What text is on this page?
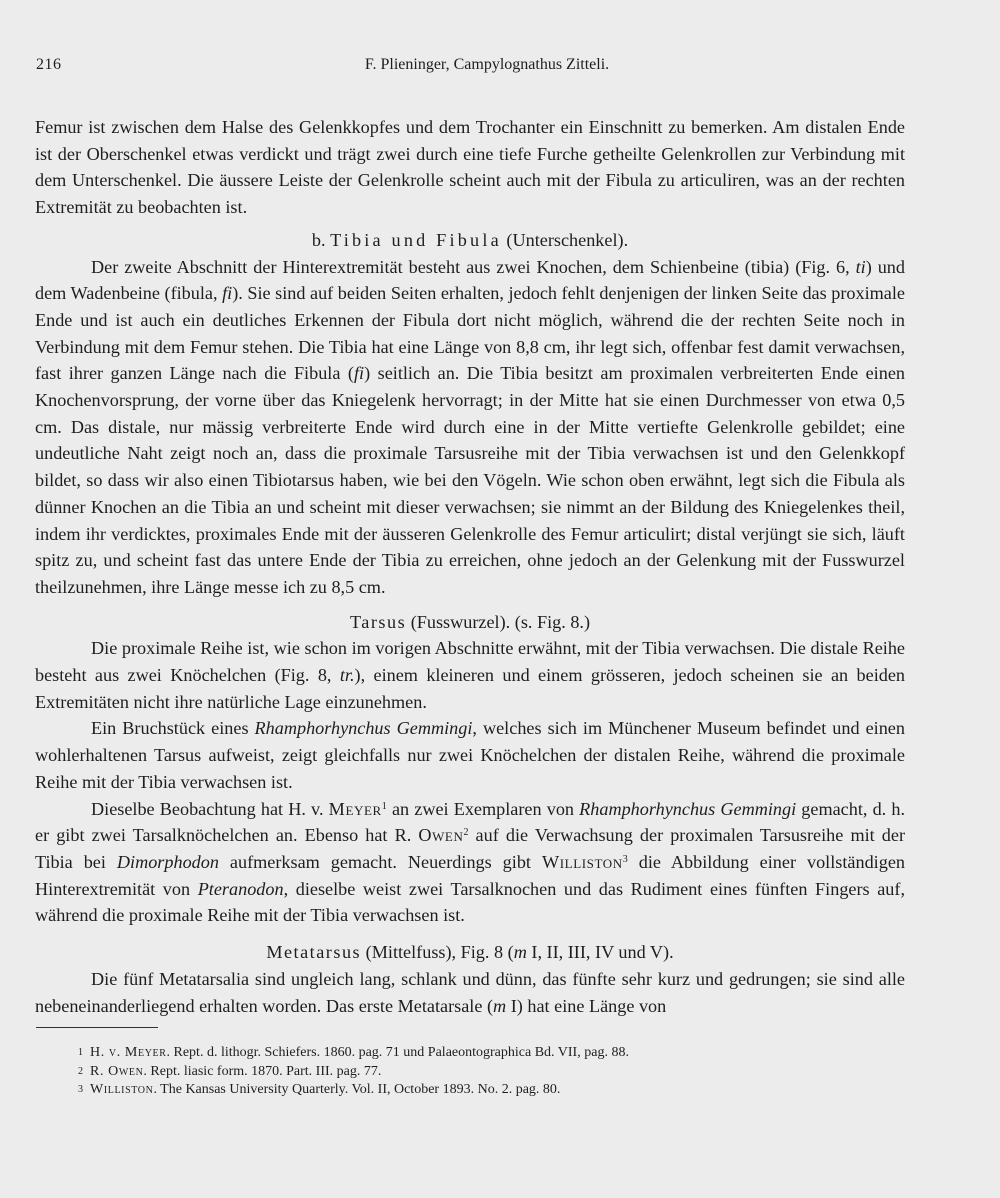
216	F. Plieninger, Campylognathus Zitteli.

Femur ist zwischen dem Halse des Gelenkkopfes und dem Trochanter ein Einschnitt zu bemerken. Am distalen Ende ist der Oberschenkel etwas verdickt und trägt zwei durch eine tiefe Furche getheilte Gelenkrollen zur Verbindung mit dem Unterschenkel. Die äussere Leiste der Gelenkrolle scheint auch mit der Fibula zu articuliren, was an der rechten Extremität zu beobachten ist.

b. Tibia und Fibula (Unterschenkel).

Der zweite Abschnitt der Hinterextremität besteht aus zwei Knochen, dem Schienbeine (tibia) (Fig. 6, ti) und dem Wadenbeine (fibula, fi). Sie sind auf beiden Seiten erhalten, jedoch fehlt denjenigen der linken Seite das proximale Ende und ist auch ein deutliches Erkennen der Fibula dort nicht möglich, während die der rechten Seite noch in Verbindung mit dem Femur stehen. Die Tibia hat eine Länge von 8,8 cm, ihr legt sich, offenbar fest damit verwachsen, fast ihrer ganzen Länge nach die Fibula (fi) seitlich an. Die Tibia besitzt am proximalen verbreiterten Ende einen Knochenvorsprung, der vorne über das Kniegelenk hervorragt; in der Mitte hat sie einen Durchmesser von etwa 0,5 cm. Das distale, nur mässig verbreiterte Ende wird durch eine in der Mitte vertiefte Gelenkrolle gebildet; eine undeutliche Naht zeigt noch an, dass die proximale Tarsusreihe mit der Tibia verwachsen ist und den Gelenkkopf bildet, so dass wir also einen Tibiotarsus haben, wie bei den Vögeln. Wie schon oben erwähnt, legt sich die Fibula als dünner Knochen an die Tibia an und scheint mit dieser verwachsen; sie nimmt an der Bildung des Kniegelenkes theil, indem ihr verdicktes, proximales Ende mit der äusseren Gelenkrolle des Femur articulirt; distal verjüngt sie sich, läuft spitz zu, und scheint fast das untere Ende der Tibia zu erreichen, ohne jedoch an der Gelenkung mit der Fusswurzel theilzunehmen, ihre Länge messe ich zu 8,5 cm.

Tarsus (Fusswurzel). (s. Fig. 8.)

Die proximale Reihe ist, wie schon im vorigen Abschnitte erwähnt, mit der Tibia verwachsen. Die distale Reihe besteht aus zwei Knöchelchen (Fig. 8, tr.), einem kleineren und einem grösseren, jedoch scheinen sie an beiden Extremitäten nicht ihre natürliche Lage einzunehmen.

Ein Bruchstück eines Rhamphorhynchus Gemmingi, welches sich im Münchener Museum befindet und einen wohlerhaltenen Tarsus aufweist, zeigt gleichfalls nur zwei Knöchelchen der distalen Reihe, während die proximale Reihe mit der Tibia verwachsen ist.

Dieselbe Beobachtung hat H. v. Meyer$^1$ an zwei Exemplaren von Rhamphorhynchus Gemmingi gemacht, d. h. er gibt zwei Tarsalknöchelchen an. Ebenso hat R. Owen$^2$ auf die Verwachsung der proximalen Tarsusreihe mit der Tibia bei Dimorphodon aufmerksam gemacht. Neuerdings gibt Williston$^3$ die Abbildung einer vollständigen Hinterextremität von Pteranodon, dieselbe weist zwei Tarsalknochen und das Rudiment eines fünften Fingers auf, während die proximale Reihe mit der Tibia verwachsen ist.

Metatarsus (Mittelfuss), Fig. 8 (m I, II, III, IV und V).

Die fünf Metatarsalia sind ungleich lang, schlank und dünn, das fünfte sehr kurz und gedrungen; sie sind alle nebeneinanderliegend erhalten worden. Das erste Metatarsale (m I) hat eine Länge von

1 H. v. Meyer. Rept. d. lithogr. Schiefers. 1860. pag. 71 und Palaeontographica Bd. VII, pag. 88.
2 R. Owen. Rept. liasic form. 1870. Part. III. pag. 77.
3 Williston. The Kansas University Quarterly. Vol. II, October 1893. No. 2. pag. 80.
